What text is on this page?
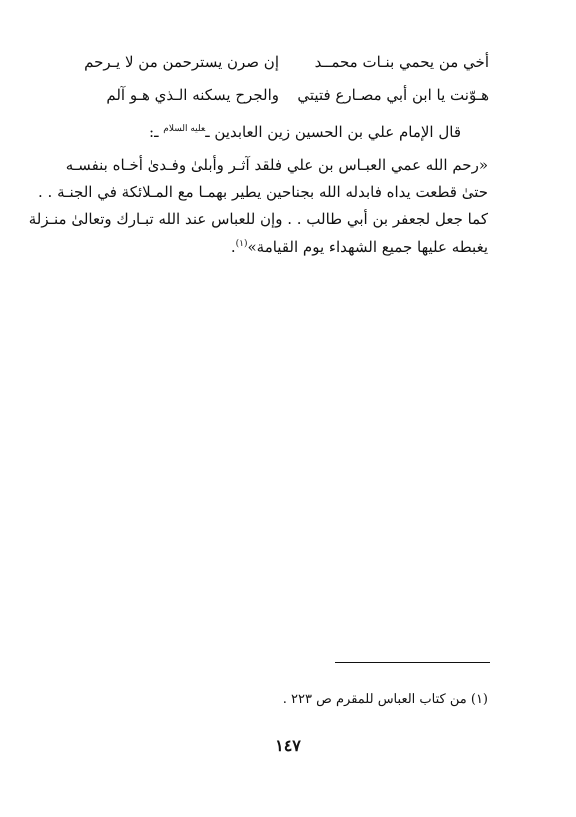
أخي من يحمي بنـات محمــد
إن صرن يسترحمن من لا يـرحم
هـوّنت يا ابن أبي مصـارع فتيتي
والجرح يسكنه الـذي هـو آلم
قال الإمام علي بن الحسين زين العابدين ـ$^{عليه السلام}$ ـ:
«رحم الله عمي العبـاس بن علي فلقد آثـر وأبلىٰ وفـدىٰ أخـاه بنفسـه
حتىٰ قطعت يداه فابدله الله بجناحين يطير بهمـا مع المـلائكة في الجنـة . .
كما جعل لجعفر بن أبي طالب . . وإن للعباس عند الله تبـارك وتعالىٰ منـزلة
يغبطه عليها جميع الشهداء يوم القيامة»$^{(١)}$.
(١) من كتاب العباس للمقرم ص ٢٢٣ .
١٤٧
